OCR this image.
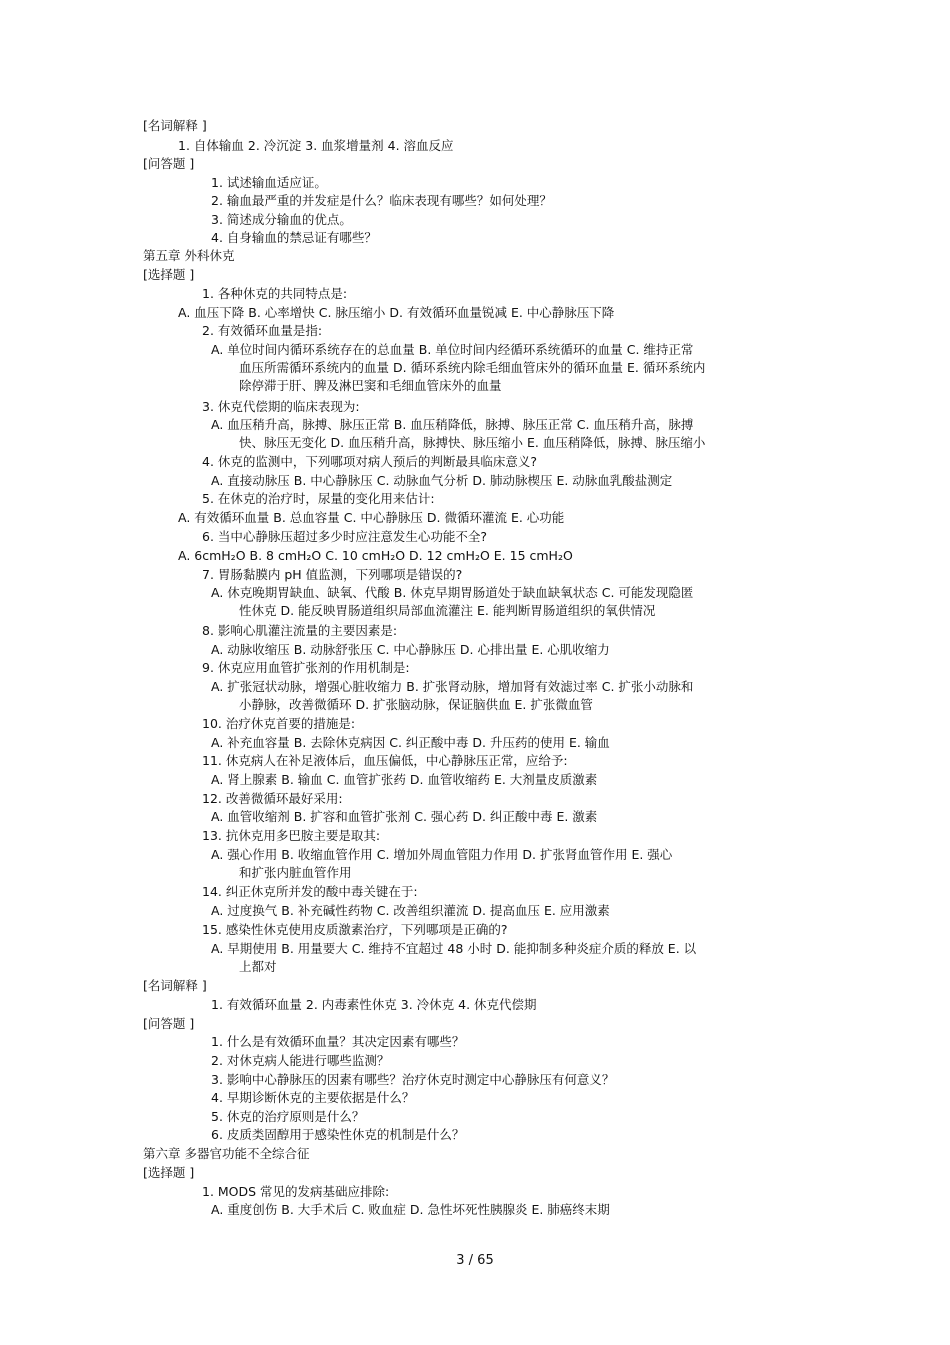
[名词解释 ]
1. 自体输血 2. 冷沉淀 3. 血浆增量剂 4. 溶血反应
[问答题 ]
1. 试述输血适应证。
2. 输血最严重的并发症是什么？临床表现有哪些？如何处理？
3. 简述成分输血的优点。
4. 自身输血的禁忌证有哪些？
第五章 外科休克
[选择题 ]
1. 各种休克的共同特点是:
A. 血压下降 B. 心率增快 C. 脉压缩小 D. 有效循环血量锐减 E. 中心静脉压下降
2. 有效循环血量是指:
A. 单位时间内循环系统存在的总血量 B. 单位时间内经循环系统循环的血量 C. 维持正常
血压所需循环系统内的血量 D. 循环系统内除毛细血管床外的循环血量 E. 循环系统内
除停滞于肝、脾及淋巴窦和毛细血管床外的血量
3. 休克代偿期的临床表现为:
A. 血压稍升高，脉搏、脉压正常 B. 血压稍降低，脉搏、脉压正常 C. 血压稍升高，脉搏
快、脉压无变化 D. 血压稍升高，脉搏快、脉压缩小 E. 血压稍降低，脉搏、脉压缩小
4. 休克的监测中，下列哪项对病人预后的判断最具临床意义?
A. 直接动脉压 B. 中心静脉压 C. 动脉血气分析 D. 肺动脉楔压 E. 动脉血乳酸盐测定
5. 在休克的治疗时，尿量的变化用来估计:
A. 有效循环血量 B. 总血容量 C. 中心静脉压 D. 微循环灌流 E. 心功能
6. 当中心静脉压超过多少时应注意发生心功能不全?
A. 6cmH₂O B. 8 cmH₂O C. 10 cmH₂O D. 12 cmH₂O E. 15 cmH₂O
7. 胃肠黏膜内 pH 值监测，下列哪项是错误的?
A. 休克晚期胃缺血、缺氧、代酸 B. 休克早期胃肠道处于缺血缺氧状态 C. 可能发现隐匿
性休克 D. 能反映胃肠道组织局部血流灌注 E. 能判断胃肠道组织的氧供情况
8. 影响心肌灌注流量的主要因素是:
A. 动脉收缩压 B. 动脉舒张压 C. 中心静脉压 D. 心排出量 E. 心肌收缩力
9. 休克应用血管扩张剂的作用机制是:
A. 扩张冠状动脉，增强心脏收缩力 B. 扩张肾动脉，增加肾有效滤过率 C. 扩张小动脉和
小静脉，改善微循环 D. 扩张脑动脉，保证脑供血 E. 扩张微血管
10. 治疗休克首要的措施是:
A. 补充血容量 B. 去除休克病因 C. 纠正酸中毒 D. 升压药的使用 E. 输血
11. 休克病人在补足液体后，血压偏低，中心静脉压正常，应给予:
A. 肾上腺素 B. 输血 C. 血管扩张药 D. 血管收缩药 E. 大剂量皮质激素
12. 改善微循环最好采用:
A. 血管收缩剂 B. 扩容和血管扩张剂 C. 强心药 D. 纠正酸中毒 E. 激素
13. 抗休克用多巴胺主要是取其:
A. 强心作用 B. 收缩血管作用 C. 增加外周血管阻力作用 D. 扩张肾血管作用 E. 强心
和扩张内脏血管作用
14. 纠正休克所并发的酸中毒关键在于:
A. 过度换气 B. 补充碱性药物 C. 改善组织灌流 D. 提高血压 E. 应用激素
15. 感染性休克使用皮质激素治疗，下列哪项是正确的?
A. 早期使用 B. 用量要大 C. 维持不宜超过 48 小时 D. 能抑制多种炎症介质的释放 E. 以
上都对
[名词解释 ]
1. 有效循环血量 2. 内毒素性休克 3. 冷休克 4. 休克代偿期
[问答题 ]
1. 什么是有效循环血量？其决定因素有哪些？
2. 对休克病人能进行哪些监测？
3. 影响中心静脉压的因素有哪些？治疗休克时测定中心静脉压有何意义？
4. 早期诊断休克的主要依据是什么？
5. 休克的治疗原则是什么？
6. 皮质类固醇用于感染性休克的机制是什么？
第六章 多器官功能不全综合征
[选择题 ]
1. MODS 常见的发病基础应排除:
A. 重度创伤 B. 大手术后 C. 败血症 D. 急性坏死性胰腺炎 E. 肺癌终末期
3 / 65
